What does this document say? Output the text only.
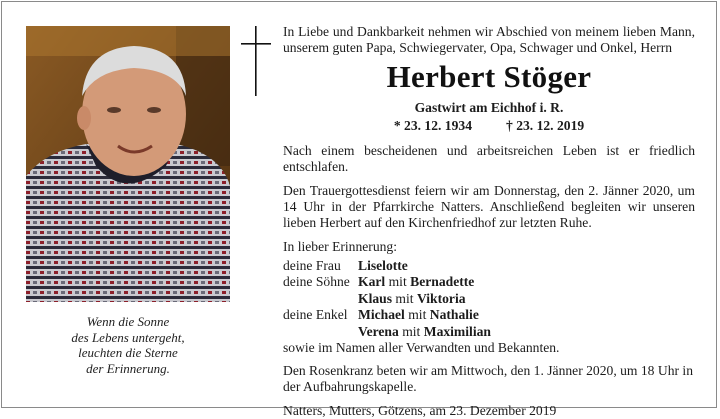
Wenn die Sonne
des Lebens untergeht,
leuchten die Sterne
der Erinnerung.
In Liebe und Dankbarkeit nehmen wir Abschied von meinem lieben Mann, unserem guten Papa, Schwiegervater, Opa, Schwager und Onkel, Herrn
Herbert Stöger
Gastwirt am Eichhof i. R.
* 23. 12. 1934	† 23. 12. 2019
Nach einem bescheidenen und arbeitsreichen Leben ist er friedlich entschlafen.
Den Trauergottesdienst feiern wir am Donnerstag, den 2. Jänner 2020, um 14 Uhr in der Pfarrkirche Natters. Anschließend begleiten wir unseren lieben Herbert auf den Kirchenfriedhof zur letzten Ruhe.
In lieber Erinnerung:
deine Frau	Liselotte
deine Söhne Karl
mit
Bernadette
Klaus
mit
Viktoria
deine Enkel Michael
mit
Nathalie
Verena
mit
Maximilian
sowie im Namen aller Verwandten und Bekannten.
Den Rosenkranz beten wir am Mittwoch, den 1. Jänner 2020, um 18 Uhr in der Aufbahrungskapelle.
Natters, Mutters, Götzens, am 23. Dezember 2019
